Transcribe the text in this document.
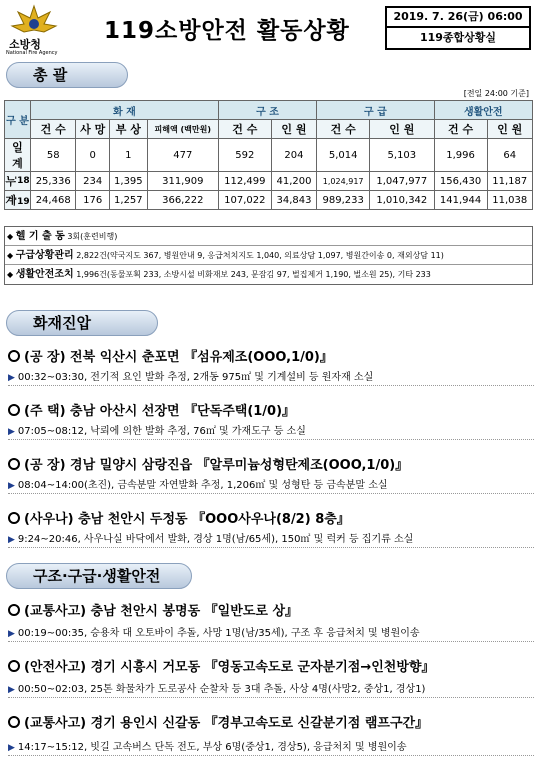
소방청
National Fire Agency
119소방안전 활동상황
2019. 7. 26(금) 06:00
119종합상황실
총 괄
[전일 24:00 기준]
구 분	화 재				구 조		구 급		생활안전	
	건 수	사 망	부 상	피해액 (백만원)	건 수	인 원	건 수	인 원	건 수	인 원
일 계	58	0	1	477	592	204	5,014	5,103	1,996	64
누'18	25,336	234	1,395	311,909	112,499	41,200	1,024,917	1,047,977	156,430	11,187
계'19	24,468	176	1,257	366,222	107,022	34,843	989,233	1,010,342	141,944	11,038
◆ 헬 기 출 동 3회(훈련비행)
◆ 구급상황관리 2,822건(약국지도 367, 병원안내 9, 응급처치지도 1,040, 의료상담 1,097, 병원간이송 0, 재외상담 11)
◆ 생활안전조치 1,996건(동물포획 233, 소방시설 비화재보 243, 문잠김 97, 벌집제거 1,190, 벌소원 25), 기타 233
화재진압
(공 장) 전북 익산시 춘포면 『섬유제조(OOO,1/0)』
▶ 00:32~03:30, 전기적 요인 발화 추정, 2개동 975㎡ 및 기계설비 등 원자재 소실
(주 택) 충남 아산시 선장면 『단독주택(1/0)』
▶ 07:05~08:12, 낙뢰에 의한 발화 추정, 76㎡ 및 가재도구 등 소실
(공 장) 경남 밀양시 삼랑진읍 『알루미늄성형탄제조(OOO,1/0)』
▶ 08:04~14:00(초진), 금속분말 자연발화 추정, 1,206㎡ 및 성형탄 등 금속분말 소실
(사우나) 충남 천안시 두정동 『OOO사우나(8/2) 8층』
▶ 9:24~20:46, 사우나실 바닥에서 발화, 경상 1명(남/65세), 150㎡ 및 럭커 등 집기류 소실
구조·구급·생활안전
(교통사고) 충남 천안시 봉명동 『일반도로 상』
▶ 00:19~00:35, 승용차 대 오토바이 추돌, 사망 1명(남/35세), 구조 후 응급처치 및 병원이송
(안전사고) 경기 시흥시 거모동 『영동고속도로 군자분기점→인천방향』
▶ 00:50~02:03, 25톤 화물차가 도로공사 순찰차 등 3대 추돌, 사상 4명(사망2, 중상1, 경상1)
(교통사고) 경기 용인시 신갈동 『경부고속도로 신갈분기점 램프구간』
▶ 14:17~15:12, 빗길 고속버스 단독 전도, 부상 6명(중상1, 경상5), 응급처치 및 병원이송
